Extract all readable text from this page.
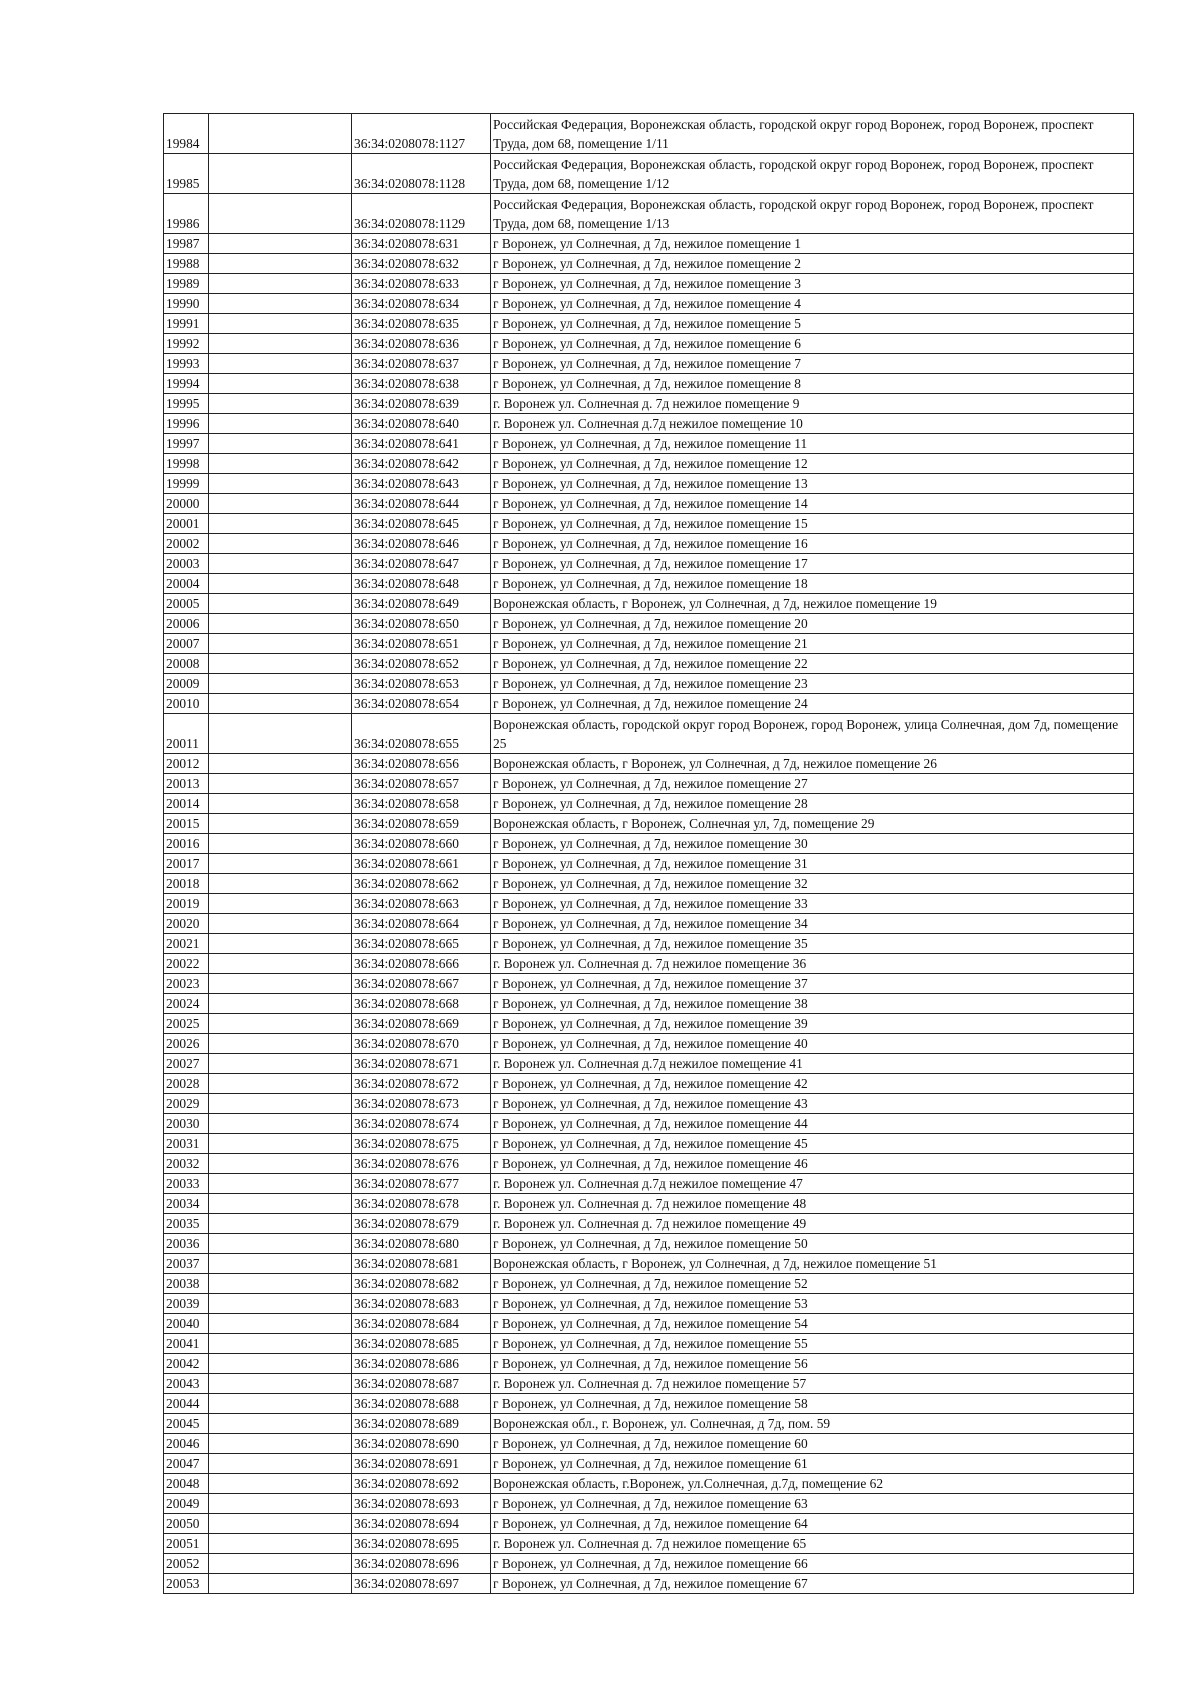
19984		36:34:0208078:1127	Российская Федерация, Воронежская область, городской округ город Воронеж, город Воронеж, проспект Труда, дом 68, помещение 1/11
19985		36:34:0208078:1128	Российская Федерация, Воронежская область, городской округ город Воронеж, город Воронеж, проспект Труда, дом 68, помещение 1/12
19986		36:34:0208078:1129	Российская Федерация, Воронежская область, городской округ город Воронеж, город Воронеж, проспект Труда, дом 68, помещение 1/13
19987		36:34:0208078:631	г Воронеж, ул Солнечная, д 7д, нежилое помещение 1
19988		36:34:0208078:632	г Воронеж, ул Солнечная, д 7д, нежилое помещение 2
19989		36:34:0208078:633	г Воронеж, ул Солнечная, д 7д, нежилое помещение 3
19990		36:34:0208078:634	г Воронеж, ул Солнечная, д 7д, нежилое помещение 4
19991		36:34:0208078:635	г Воронеж, ул Солнечная, д 7д, нежилое помещение 5
19992		36:34:0208078:636	г Воронеж, ул Солнечная, д 7д, нежилое помещение 6
19993		36:34:0208078:637	г Воронеж, ул Солнечная, д 7д, нежилое помещение 7
19994		36:34:0208078:638	г Воронеж, ул Солнечная, д 7д, нежилое помещение 8
19995		36:34:0208078:639	г. Воронеж ул. Солнечная д. 7д нежилое помещение 9
19996		36:34:0208078:640	г. Воронеж ул. Солнечная д.7д нежилое помещение 10
19997		36:34:0208078:641	г Воронеж, ул Солнечная, д 7д, нежилое помещение 11
19998		36:34:0208078:642	г Воронеж, ул Солнечная, д 7д, нежилое помещение 12
19999		36:34:0208078:643	г Воронеж, ул Солнечная, д 7д, нежилое помещение 13
20000		36:34:0208078:644	г Воронеж, ул Солнечная, д 7д, нежилое помещение 14
20001		36:34:0208078:645	г Воронеж, ул Солнечная, д 7д, нежилое помещение 15
20002		36:34:0208078:646	г Воронеж, ул Солнечная, д 7д, нежилое помещение 16
20003		36:34:0208078:647	г Воронеж, ул Солнечная, д 7д, нежилое помещение 17
20004		36:34:0208078:648	г Воронеж, ул Солнечная, д 7д, нежилое помещение 18
20005		36:34:0208078:649	Воронежская область, г Воронеж, ул Солнечная, д 7д, нежилое помещение 19
20006		36:34:0208078:650	г Воронеж, ул Солнечная, д 7д, нежилое помещение 20
20007		36:34:0208078:651	г Воронеж, ул Солнечная, д 7д, нежилое помещение 21
20008		36:34:0208078:652	г Воронеж, ул Солнечная, д 7д, нежилое помещение 22
20009		36:34:0208078:653	г Воронеж, ул Солнечная, д 7д, нежилое помещение 23
20010		36:34:0208078:654	г Воронеж, ул Солнечная, д 7д, нежилое помещение 24
20011		36:34:0208078:655	Воронежская область, городской округ город Воронеж, город Воронеж, улица Солнечная, дом 7д, помещение 25
20012		36:34:0208078:656	Воронежская область, г Воронеж, ул Солнечная, д 7д, нежилое помещение 26
20013		36:34:0208078:657	г Воронеж, ул Солнечная, д 7д, нежилое помещение 27
20014		36:34:0208078:658	г Воронеж, ул Солнечная, д 7д, нежилое помещение 28
20015		36:34:0208078:659	Воронежская область, г Воронеж, Солнечная ул, 7д, помещение 29
20016		36:34:0208078:660	г Воронеж, ул Солнечная, д 7д, нежилое помещение 30
20017		36:34:0208078:661	г Воронеж, ул Солнечная, д 7д, нежилое помещение 31
20018		36:34:0208078:662	г Воронеж, ул Солнечная, д 7д, нежилое помещение 32
20019		36:34:0208078:663	г Воронеж, ул Солнечная, д 7д, нежилое помещение 33
20020		36:34:0208078:664	г Воронеж, ул Солнечная, д 7д, нежилое помещение 34
20021		36:34:0208078:665	г Воронеж, ул Солнечная, д 7д, нежилое помещение 35
20022		36:34:0208078:666	г. Воронеж ул. Солнечная д. 7д нежилое помещение 36
20023		36:34:0208078:667	г Воронеж, ул Солнечная, д 7д, нежилое помещение 37
20024		36:34:0208078:668	г Воронеж, ул Солнечная, д 7д, нежилое помещение 38
20025		36:34:0208078:669	г Воронеж, ул Солнечная, д 7д, нежилое помещение 39
20026		36:34:0208078:670	г Воронеж, ул Солнечная, д 7д, нежилое помещение 40
20027		36:34:0208078:671	г. Воронеж ул. Солнечная д.7д нежилое помещение 41
20028		36:34:0208078:672	г Воронеж, ул Солнечная, д 7д, нежилое помещение 42
20029		36:34:0208078:673	г Воронеж, ул Солнечная, д 7д, нежилое помещение 43
20030		36:34:0208078:674	г Воронеж, ул Солнечная, д 7д, нежилое помещение 44
20031		36:34:0208078:675	г Воронеж, ул Солнечная, д 7д, нежилое помещение 45
20032		36:34:0208078:676	г Воронеж, ул Солнечная, д 7д, нежилое помещение 46
20033		36:34:0208078:677	г. Воронеж ул. Солнечная д.7д нежилое помещение 47
20034		36:34:0208078:678	г. Воронеж ул. Солнечная д. 7д нежилое помещение 48
20035		36:34:0208078:679	г. Воронеж ул. Солнечная д. 7д нежилое помещение 49
20036		36:34:0208078:680	г Воронеж, ул Солнечная, д 7д, нежилое помещение 50
20037		36:34:0208078:681	Воронежская область, г Воронеж, ул Солнечная, д 7д, нежилое помещение 51
20038		36:34:0208078:682	г Воронеж, ул Солнечная, д 7д, нежилое помещение 52
20039		36:34:0208078:683	г Воронеж, ул Солнечная, д 7д, нежилое помещение 53
20040		36:34:0208078:684	г Воронеж, ул Солнечная, д 7д, нежилое помещение 54
20041		36:34:0208078:685	г Воронеж, ул Солнечная, д 7д, нежилое помещение 55
20042		36:34:0208078:686	г Воронеж, ул Солнечная, д 7д, нежилое помещение 56
20043		36:34:0208078:687	г. Воронеж ул. Солнечная д. 7д нежилое помещение 57
20044		36:34:0208078:688	г Воронеж, ул Солнечная, д 7д, нежилое помещение 58
20045		36:34:0208078:689	Воронежская обл., г. Воронеж, ул. Солнечная, д 7д, пом. 59
20046		36:34:0208078:690	г Воронеж, ул Солнечная, д 7д, нежилое помещение 60
20047		36:34:0208078:691	г Воронеж, ул Солнечная, д 7д, нежилое помещение 61
20048		36:34:0208078:692	Воронежская область, г.Воронеж, ул.Солнечная, д.7д, помещение 62
20049		36:34:0208078:693	г Воронеж, ул Солнечная, д 7д, нежилое помещение 63
20050		36:34:0208078:694	г Воронеж, ул Солнечная, д 7д, нежилое помещение 64
20051		36:34:0208078:695	г. Воронеж ул. Солнечная д. 7д нежилое помещение 65
20052		36:34:0208078:696	г Воронеж, ул Солнечная, д 7д, нежилое помещение 66
20053		36:34:0208078:697	г Воронеж, ул Солнечная, д 7д, нежилое помещение 67
